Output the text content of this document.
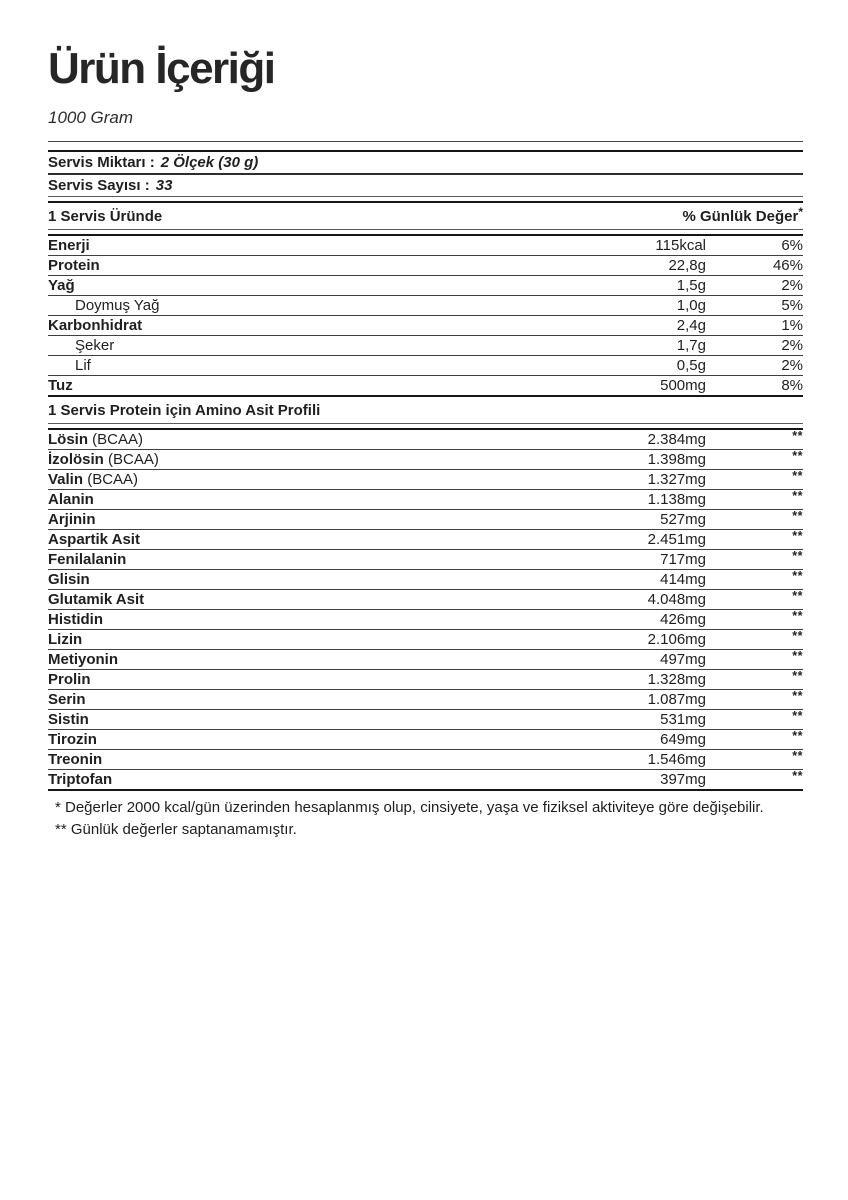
Ürün İçeriği

1000 Gram

Servis Miktarı : 2 Ölçek (30 g)
Servis Sayısı : 33
1 Servis Üründe	% Günlük Değer*
Enerji	115kcal	6%
Protein	22,8g	46%
Yağ	1,5g	2%
Doymuş Yağ	1,0g	5%
Karbonhidrat	2,4g	1%
Şeker	1,7g	2%
Lif	0,5g	2%
Tuz	500mg	8%
1 Servis Protein için Amino Asit Profili
Lösin (BCAA)	2.384mg	**
İzolösin (BCAA)	1.398mg	**
Valin (BCAA)	1.327mg	**
Alanin	1.138mg	**
Arjinin	527mg	**
Aspartik Asit	2.451mg	**
Fenilalanin	717mg	**
Glisin	414mg	**
Glutamik Asit	4.048mg	**
Histidin	426mg	**
Lizin	2.106mg	**
Metiyonin	497mg	**
Prolin	1.328mg	**
Serin	1.087mg	**
Sistin	531mg	**
Tirozin	649mg	**
Treonin	1.546mg	**
Triptofan	397mg	**

* Değerler 2000 kcal/gün üzerinden hesaplanmış olup, cinsiyete, yaşa ve fiziksel aktiviteye göre değişebilir.

** Günlük değerler saptanamamıştır.
